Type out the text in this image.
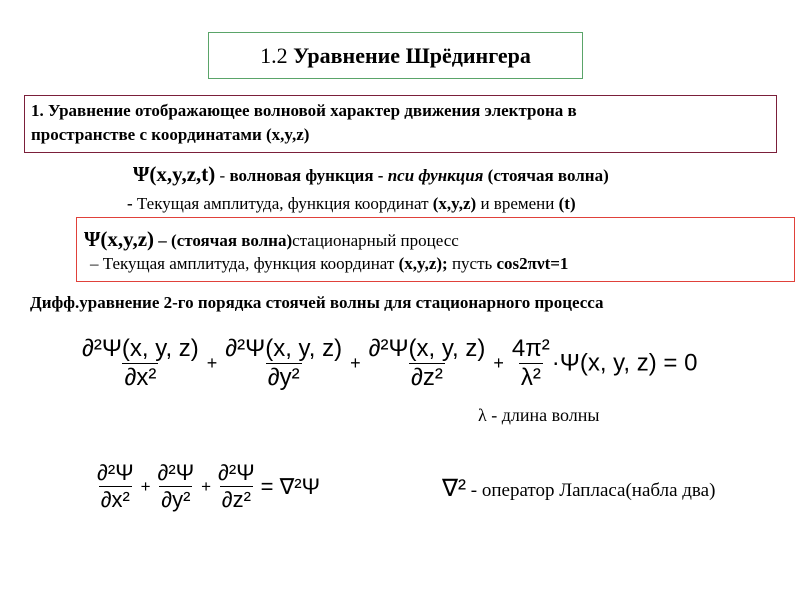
1.2
Уравнение Шрёдингера
1. Уравнение отображающее волновой характер движения электрона в
пространстве с координатами (x,y,z)
Ψ(x,y,z,t) - волновая функция - пси функция (стоячая волна)
- Текущая амплитуда, функция координат (x,y,z) и времени (t)
Ψ(x,y,z) – (стоячая волна)стационарный процесс
– Текущая амплитуда, функция координат (x,y,z); пусть cos2πνt=1
Дифф.уравнение 2-го порядка стоячей волны для стационарного процесса
$\frac{\text{∂²Ψ(x, y, z)}}{\text{∂x²}} + \frac{\text{∂²Ψ(x, y, z)}}{\text{∂y²}} + \frac{\text{∂²Ψ(x, y, z)}}{\text{∂z²}} + \frac{\text{4π²}}{\text{λ²}} \cdot\Psi(x$, y, z) = 0
λ - длина волны
$\frac{\text{∂²Ψ}}{\text{∂x²}} + \frac{\text{∂²Ψ}}{\text{∂y²}} + \frac{\text{∂²Ψ}}{\text{∂z²}} = \nabla^2\Psi$	∇² - оператор Лапласа(набла два)
